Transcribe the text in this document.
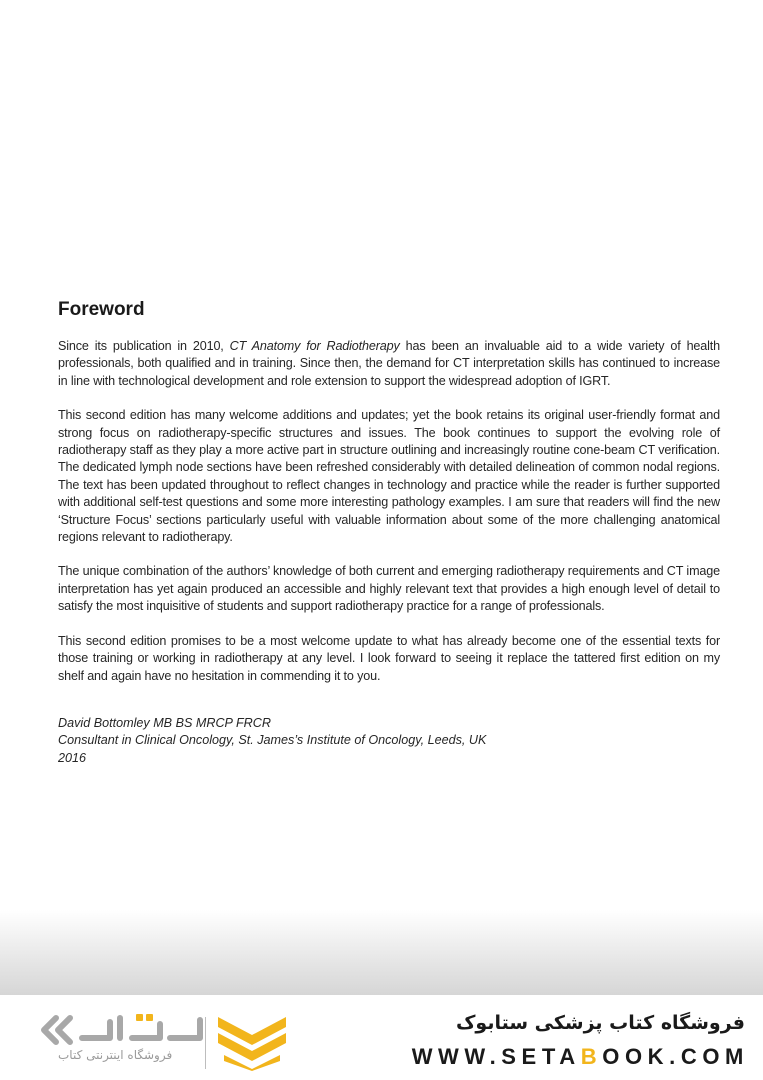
Foreword

Since its publication in 2010, CT Anatomy for Radiotherapy has been an invaluable aid to a wide variety of health professionals, both qualified and in training. Since then, the demand for CT interpretation skills has continued to increase in line with technological development and role extension to support the widespread adoption of IGRT.

This second edition has many welcome additions and updates; yet the book retains its original user-friendly format and strong focus on radiotherapy-specific structures and issues. The book continues to support the evolving role of radiotherapy staff as they play a more active part in structure outlining and increasingly routine cone-beam CT verification. The dedicated lymph node sections have been refreshed considerably with detailed delineation of common nodal regions. The text has been updated throughout to reflect changes in technology and practice while the reader is further supported with additional self-test questions and some more interesting pathology examples. I am sure that readers will find the new ‘Structure Focus’ sections particularly useful with valuable information about some of the more challenging anatomical regions relevant to radiotherapy.

The unique combination of the authors’ knowledge of both current and emerging radiotherapy requirements and CT image interpretation has yet again produced an accessible and highly relevant text that provides a high enough level of detail to satisfy the most inquisitive of students and support radiotherapy practice for a range of professionals.

This second edition promises to be a most welcome update to what has already become one of the essential texts for those training or working in radiotherapy at any level. I look forward to seeing it replace the tattered first edition on my shelf and again have no hesitation in commending it to you.

David Bottomley MB BS MRCP FRCR
Consultant in Clinical Oncology, St. James’s Institute of Oncology, Leeds, UK
2016
فروشگاه اینترنتی کتاب
فروشگاه کتاب پزشکی ستابوک
WWW.SETABOOK.COM
